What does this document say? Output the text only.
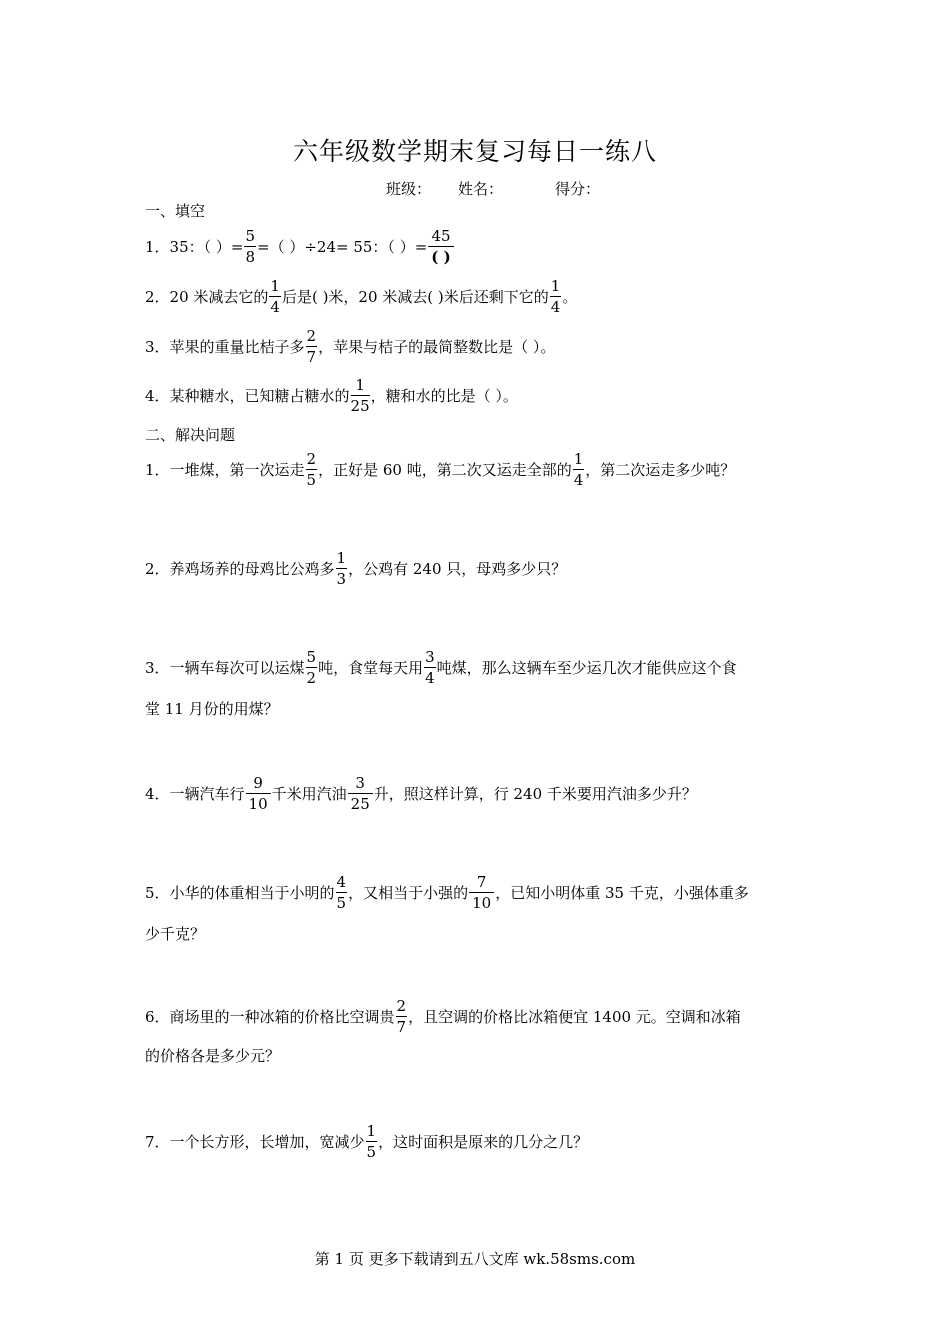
六年级数学期末复习每日一练八
班级： 姓名：	得分：
一、填空
1．35：（ ）= $\frac{5}{8}$ =（ ）÷24= 55：（ ）= $\frac{45}{( )}$
2．20 米减去它的 $\frac{1}{4}$ 后是( )米，20 米减去( )米后还剩下它的 $\frac{1}{4}$ 。
3．苹果的重量比桔子多 $\frac{2}{7}$ ，苹果与桔子的最简整数比是（ ）。
4．某种糖水，已知糖占糖水的 $\frac{1}{25}$ ，糖和水的比是（ ）。
二、解决问题
1．一堆煤，第一次运走 $\frac{2}{5}$ ，正好是 60 吨，第二次又运走全部的 $\frac{1}{4}$ ，第二次运走多少吨？
2．养鸡场养的母鸡比公鸡多 $\frac{1}{3}$ ，公鸡有 240 只，母鸡多少只？
3．一辆车每次可以运煤 $\frac{5}{2}$ 吨，食堂每天用 $\frac{3}{4}$ 吨煤，那么这辆车至少运几次才能供应这个食
堂 11 月份的用煤？
4．一辆汽车行 $\frac{9}{10}$ 千米用汽油 $\frac{3}{25}$ 升，照这样计算，行 240 千米要用汽油多少升？
5．小华的体重相当于小明的 $\frac{4}{5}$ ，又相当于小强的 $\frac{7}{10}$ ，已知小明体重 35 千克，小强体重多
少千克？
6．商场里的一种冰箱的价格比空调贵 $\frac{2}{7}$ ，且空调的价格比冰箱便宜 1400 元。空调和冰箱
的价格各是多少元？
7．一个长方形，长增加，宽减少 $\frac{1}{5}$ ，这时面积是原来的几分之几？
第 1 页 更多下载请到五八文库 wk.58sms.com
